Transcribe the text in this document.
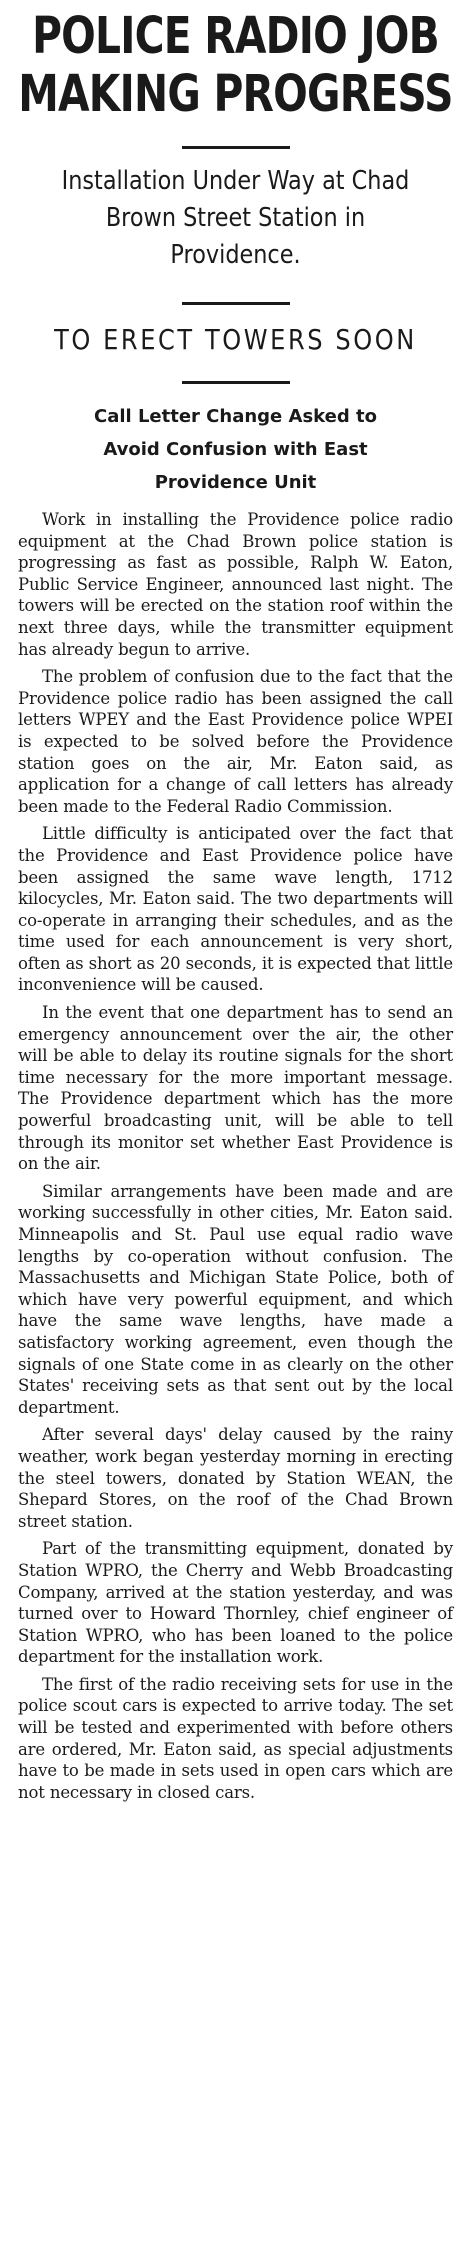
POLICE RADIO JOB
MAKING PROGRESS
Installation Under Way at Chad
Brown Street Station in
Providence.
TO ERECT TOWERS SOON
Call Letter Change Asked to
Avoid Confusion with East
Providence Unit

Work in installing the Providence police radio equipment at the Chad Brown police station is progressing as fast as possible, Ralph W. Eaton, Public Service Engineer, announced last night. The towers will be erected on the station roof within the next three days, while the transmitter equipment has already begun to arrive.

The problem of confusion due to the fact that the Providence police radio has been assigned the call letters WPEY and the East Providence police WPEI is expected to be solved before the Providence station goes on the air, Mr. Eaton said, as application for a change of call letters has already been made to the Federal Radio Commission.

Little difficulty is anticipated over the fact that the Providence and East Providence police have been assigned the same wave length, 1712 kilocycles, Mr. Eaton said. The two departments will co-operate in arranging their schedules, and as the time used for each announcement is very short, often as short as 20 seconds, it is expected that little inconvenience will be caused.

In the event that one department has to send an emergency announcement over the air, the other will be able to delay its routine signals for the short time necessary for the more important message. The Providence department which has the more powerful broadcasting unit, will be able to tell through its monitor set whether East Providence is on the air.

Similar arrangements have been made and are working successfully in other cities, Mr. Eaton said. Minneapolis and St. Paul use equal radio wave lengths by co-operation without confusion. The Massachusetts and Michigan State Police, both of which have very powerful equipment, and which have the same wave lengths, have made a satisfactory working agreement, even though the signals of one State come in as clearly on the other States' receiving sets as that sent out by the local department.

After several days' delay caused by the rainy weather, work began yesterday morning in erecting the steel towers, donated by Station WEAN, the Shepard Stores, on the roof of the Chad Brown street station.

Part of the transmitting equipment, donated by Station WPRO, the Cherry and Webb Broadcasting Company, arrived at the station yesterday, and was turned over to Howard Thornley, chief engineer of Station WPRO, who has been loaned to the police department for the installation work.

The first of the radio receiving sets for use in the police scout cars is expected to arrive today. The set will be tested and experimented with before others are ordered, Mr. Eaton said, as special adjustments have to be made in sets used in open cars which are not necessary in closed cars.
